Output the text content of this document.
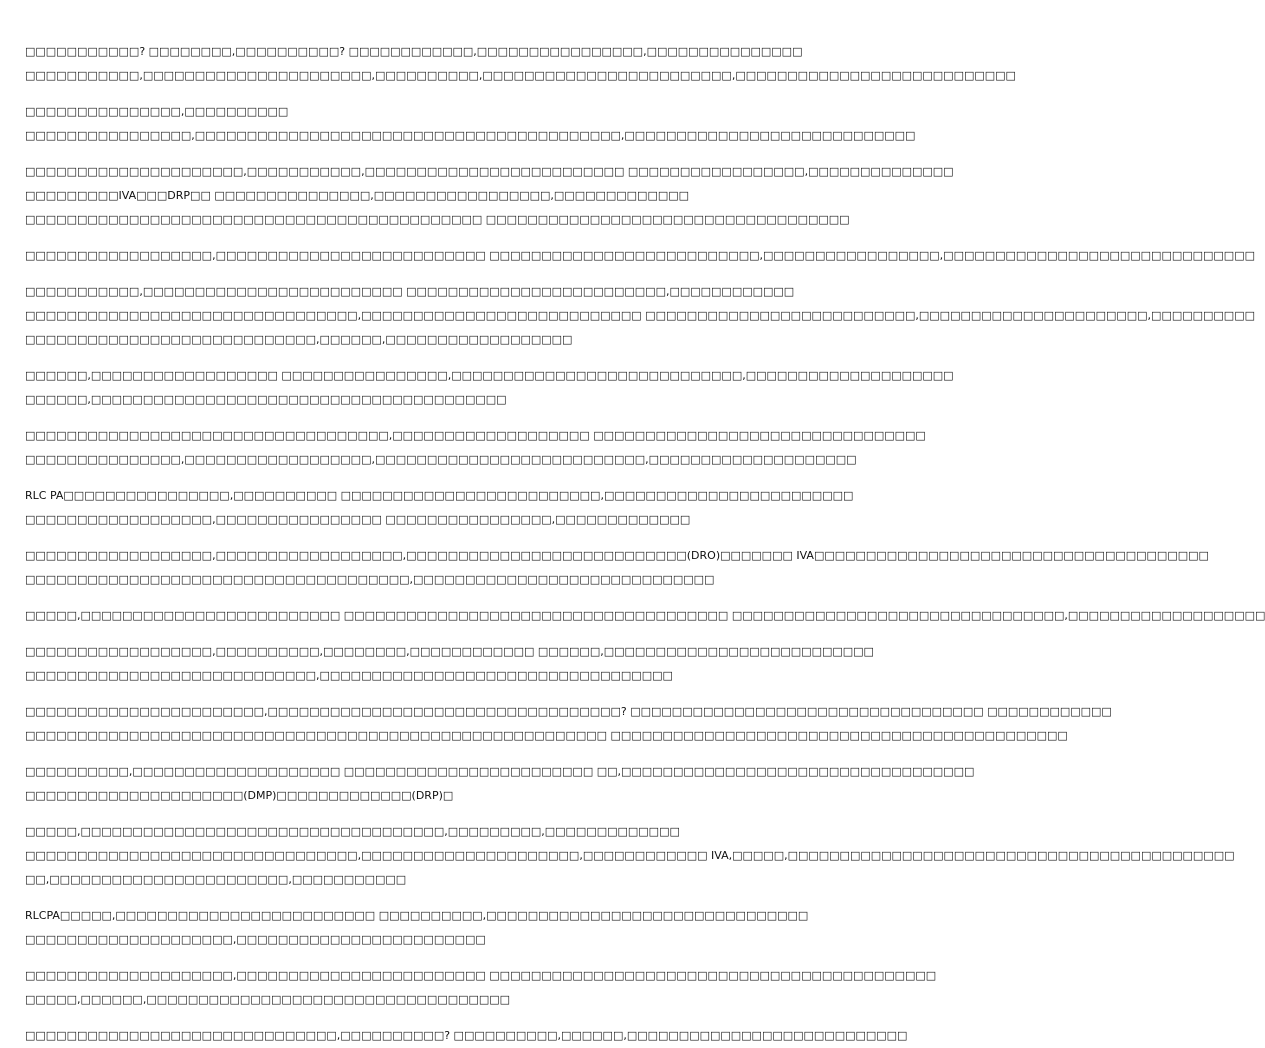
□□□□□□□□□□□? □□□□□□□□,□□□□□□□□□□? □□□□□□□□□□□□,□□□□□□□□□□□□□□□□,□□□□□□□□□□□□□□□
□□□□□□□□□□□,□□□□□□□□□□□□□□□□□□□□□□,□□□□□□□□□□,□□□□□□□□□□□□□□□□□□□□□□□□,□□□□□□□□□□□□□□□□□□□□□□□□□□□
□□□□□□□□□□□□□□□,□□□□□□□□□□
□□□□□□□□□□□□□□□□,□□□□□□□□□□□□□□□□□□□□□□□□□□□□□□□□□□□□□□□□□,□□□□□□□□□□□□□□□□□□□□□□□□□□□□
□□□□□□□□□□□□□□□□□□□□□,□□□□□□□□□□□,□□□□□□□□□□□□□□□□□□□□□□□□□ □□□□□□□□□□□□□□□□□,□□□□□□□□□□□□□□
□□□□□□□□□IVA□□□DRP□□ □□□□□□□□□□□□□□□,□□□□□□□□□□□□□□□□□,□□□□□□□□□□□□□
□□□□□□□□□□□□□□□□□□□□□□□□□□□□□□□□□□□□□□□□□□□□ □□□□□□□□□□□□□□□□□□□□□□□□□□□□□□□□□□□
□□□□□□□□□□□□□□□□□□,□□□□□□□□□□□□□□□□□□□□□□□□□□ □□□□□□□□□□□□□□□□□□□□□□□□□□,□□□□□□□□□□□□□□□□□,□□□□□□□□□□□□□□□□□□□□□□□□□□□□□□
□□□□□□□□□□□,□□□□□□□□□□□□□□□□□□□□□□□□□ □□□□□□□□□□□□□□□□□□□□□□□□□,□□□□□□□□□□□□
□□□□□□□□□□□□□□□□□□□□□□□□□□□□□□□□,□□□□□□□□□□□□□□□□□□□□□□□□□□□ □□□□□□□□□□□□□□□□□□□□□□□□□□,□□□□□□□□□□□□□□□□□□□□□□,□□□□□□□□□□
□□□□□□□□□□□□□□□□□□□□□□□□□□□□,□□□□□□,□□□□□□□□□□□□□□□□□□
□□□□□□,□□□□□□□□□□□□□□□□□□ □□□□□□□□□□□□□□□□,□□□□□□□□□□□□□□□□□□□□□□□□□□□□,□□□□□□□□□□□□□□□□□□□□
□□□□□□,□□□□□□□□□□□□□□□□□□□□□□□□□□□□□□□□□□□□□□□□
□□□□□□□□□□□□□□□□□□□□□□□□□□□□□□□□□□□,□□□□□□□□□□□□□□□□□□□ □□□□□□□□□□□□□□□□□□□□□□□□□□□□□□□□
□□□□□□□□□□□□□□□,□□□□□□□□□□□□□□□□□□,□□□□□□□□□□□□□□□□□□□□□□□□□□,□□□□□□□□□□□□□□□□□□□□
RLC PA□□□□□□□□□□□□□□□□,□□□□□□□□□□ □□□□□□□□□□□□□□□□□□□□□□□□□,□□□□□□□□□□□□□□□□□□□□□□□□
□□□□□□□□□□□□□□□□□□,□□□□□□□□□□□□□□□□ □□□□□□□□□□□□□□□□,□□□□□□□□□□□□□
□□□□□□□□□□□□□□□□□□,□□□□□□□□□□□□□□□□□□,□□□□□□□□□□□□□□□□□□□□□□□□□□□(DRO)□□□□□□□ IVA□□□□□□□□□□□□□□□□□□□□□□□□□□□□□□□□□□□□□□
□□□□□□□□□□□□□□□□□□□□□□□□□□□□□□□□□□□□□,□□□□□□□□□□□□□□□□□□□□□□□□□□□□□
□□□□□,□□□□□□□□□□□□□□□□□□□□□□□□□ □□□□□□□□□□□□□□□□□□□□□□□□□□□□□□□□□□□□□ □□□□□□□□□□□□□□□□□□□□□□□□□□□□□□□□,□□□□□□□□□□□□□□□□□□□
□□□□□□□□□□□□□□□□□□,□□□□□□□□□□,□□□□□□□□,□□□□□□□□□□□□ □□□□□□,□□□□□□□□□□□□□□□□□□□□□□□□□□
□□□□□□□□□□□□□□□□□□□□□□□□□□□□,□□□□□□□□□□□□□□□□□□□□□□□□□□□□□□□□□□
□□□□□□□□□□□□□□□□□□□□□□□,□□□□□□□□□□□□□□□□□□□□□□□□□□□□□□□□□□? □□□□□□□□□□□□□□□□□□□□□□□□□□□□□□□□□□ □□□□□□□□□□□□
□□□□□□□□□□□□□□□□□□□□□□□□□□□□□□□□□□□□□□□□□□□□□□□□□□□□□□□□ □□□□□□□□□□□□□□□□□□□□□□□□□□□□□□□□□□□□□□□□□□□□
□□□□□□□□□□,□□□□□□□□□□□□□□□□□□□□ □□□□□□□□□□□□□□□□□□□□□□□□ □□,□□□□□□□□□□□□□□□□□□□□□□□□□□□□□□□□□□
□□□□□□□□□□□□□□□□□□□□□(DMP)□□□□□□□□□□□□□(DRP)□
□□□□□,□□□□□□□□□□□□□□□□□□□□□□□□□□□□□□□□□□□,□□□□□□□□□,□□□□□□□□□□□□□
□□□□□□□□□□□□□□□□□□□□□□□□□□□□□□□□,□□□□□□□□□□□□□□□□□□□□□,□□□□□□□□□□□□ IVA,□□□□□,□□□□□□□□□□□□□□□□□□□□□□□□□□□□□□□□□□□□□□□□□□□
□□,□□□□□□□□□□□□□□□□□□□□□□□,□□□□□□□□□□□
RLCPA□□□□□,□□□□□□□□□□□□□□□□□□□□□□□□□ □□□□□□□□□□,□□□□□□□□□□□□□□□□□□□□□□□□□□□□□□□
□□□□□□□□□□□□□□□□□□□□,□□□□□□□□□□□□□□□□□□□□□□□□
□□□□□□□□□□□□□□□□□□□□,□□□□□□□□□□□□□□□□□□□□□□□□ □□□□□□□□□□□□□□□□□□□□□□□□□□□□□□□□□□□□□□□□□□□
□□□□□,□□□□□□,□□□□□□□□□□□□□□□□□□□□□□□□□□□□□□□□□□□
□□□□□□□□□□□□□□□□□□□□□□□□□□□□□□,□□□□□□□□□□? □□□□□□□□□□,□□□□□□,□□□□□□□□□□□□□□□□□□□□□□□□□□□
